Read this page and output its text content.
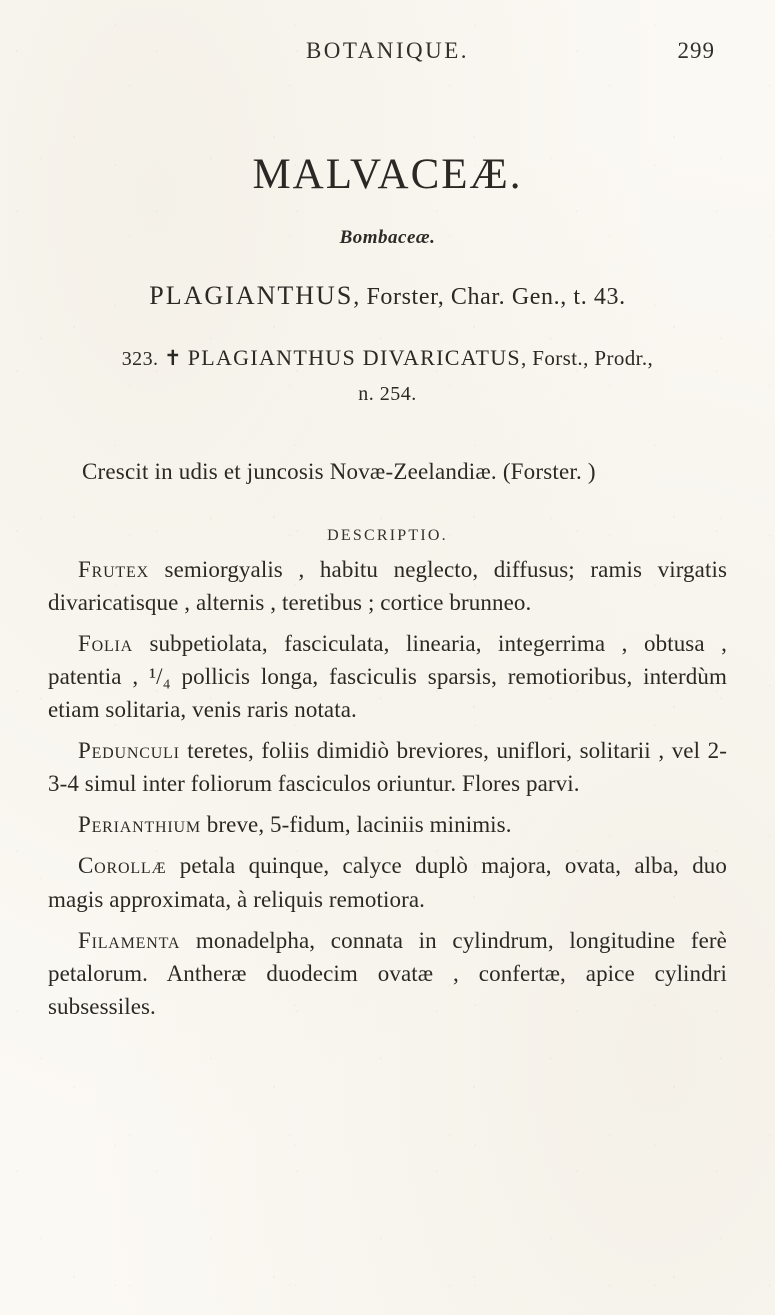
BOTANIQUE.	299
MALVACEÆ.
Bombaceæ.
PLAGIANTHUS, Forster, Char. Gen., t. 43.
323. ✝ PLAGIANTHUS DIVARICATUS, Forst., Prodr.,
n. 254.
Crescit in udis et juncosis Novæ-Zeelandiæ. (Forster. )
DESCRIPTIO.
Frutex semiorgyalis , habitu neglecto, diffusus; ramis virgatis divaricatisque , alternis , teretibus ; cortice brunneo.
Folia subpetiolata, fasciculata, linearia, integerrima , obtusa , patentia , ¹/₄ pollicis longa, fasciculis sparsis, remotioribus, interdùm etiam solitaria, venis raris notata.
Pedunculi teretes, foliis dimidiò breviores, uniflori, solitarii , vel 2-3-4 simul inter foliorum fasciculos oriuntur. Flores parvi.
Perianthium breve, 5-fidum, laciniis minimis.
Corollæ petala quinque, calyce duplò majora, ovata, alba, duo magis approximata, à reliquis remotiora.
Filamenta monadelpha, connata in cylindrum, longitudine ferè petalorum. Antheræ duodecim ovatæ , confertæ, apice cylindri subsessiles.
